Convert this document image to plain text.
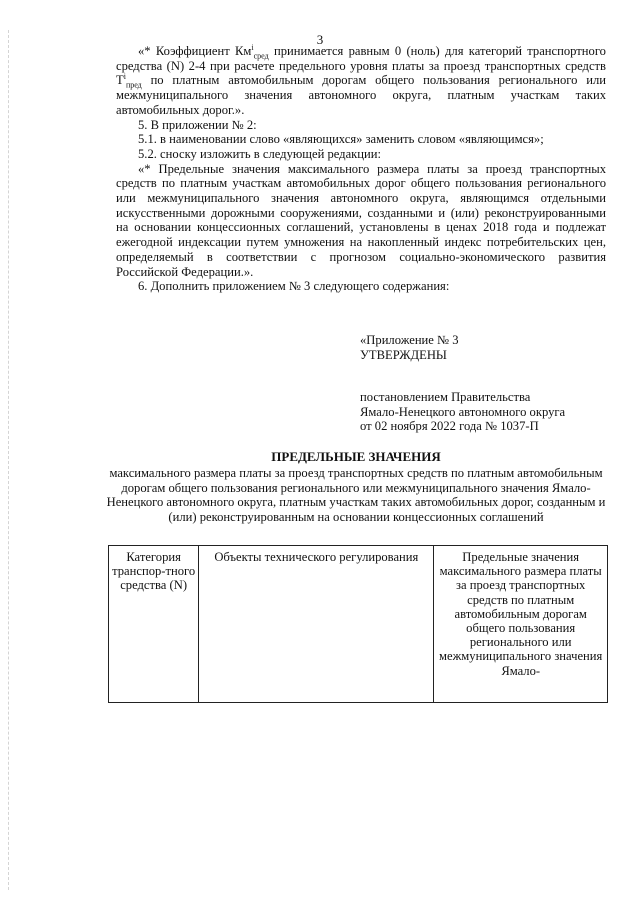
3

«* Коэффициент $Км^i_{сред}$ принимается равным 0 (ноль) для категорий транспортного средства (N) 2-4 при расчете предельного уровня платы за проезд транспортных средств $T^i_{пред}$ по платным автомобильным дорогам общего пользования регионального или межмуниципального значения автономного округа, платным участкам таких автомобильных дорог.».

5. В приложении № 2:

5.1. в наименовании слово «являющихся» заменить словом «являющимся»;

5.2. сноску изложить в следующей редакции:

«* Предельные значения максимального размера платы за проезд транспортных средств по платным участкам автомобильных дорог общего пользования регионального или межмуниципального значения автономного округа, являющимся отдельными искусственными дорожными сооружениями, созданными и (или) реконструированными на основании концессионных соглашений, установлены в ценах 2018 года и подлежат ежегодной индексации путем умножения на накопленный индекс потребительских цен, определяемый в соответствии с прогнозом социально-экономического развития Российской Федерации.».

6. Дополнить приложением № 3 следующего содержания:

«Приложение № 3
УТВЕРЖДЕНЫ
постановлением Правительства
Ямало-Ненецкого автономного округа
от 02 ноября 2022 года № 1037-П
ПРЕДЕЛЬНЫЕ ЗНАЧЕНИЯ
максимального размера платы за проезд транспортных средств по платным автомобильным дорогам общего пользования регионального или межмуниципального значения Ямало-Ненецкого автономного округа, платным участкам таких автомобильных дорог, созданным и (или) реконструированным на основании концессионных соглашений
Категория транспор-тного средства (N)	Объекты технического регулирования	Предельные значения максимального размера платы за проезд транспортных средств по платным автомобильным дорогам общего пользования регионального или межмуниципального значения Ямало-
